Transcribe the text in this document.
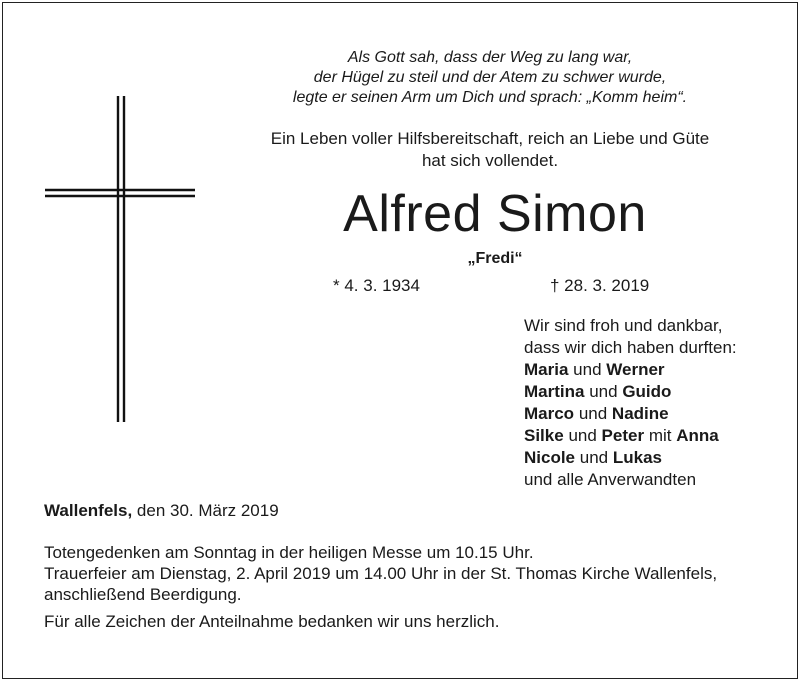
Als Gott sah, dass der Weg zu lang war,
der Hügel zu steil und der Atem zu schwer wurde,
legte er seinen Arm um Dich und sprach: „Komm heim“.
Ein Leben voller Hilfsbereitschaft, reich an Liebe und Güte
hat sich vollendet.
Alfred Simon
„Fredi“
* 4. 3. 1934	† 28. 3. 2019
Wir sind froh und dankbar,
dass wir dich haben durften:
Maria und Werner
Martina und Guido
Marco und Nadine
Silke und Peter mit Anna
Nicole und Lukas
und alle Anverwandten
Wallenfels, den 30. März 2019
Totengedenken am Sonntag in der heiligen Messe um 10.15 Uhr.
Trauerfeier am Dienstag, 2. April 2019 um 14.00 Uhr in der St. Thomas Kirche Wallenfels,
anschließend Beerdigung.
Für alle Zeichen der Anteilnahme bedanken wir uns herzlich.
